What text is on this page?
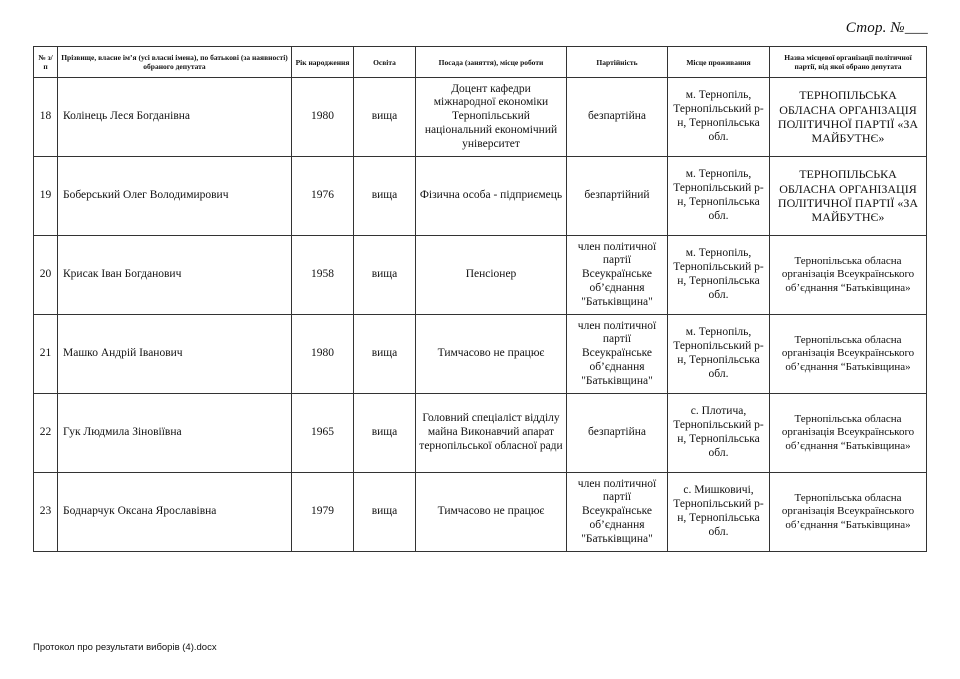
Стор. №___
№ з/п	Прізвище, власне ім’я (усі власні імена), по батькові (за наявності) обраного депутата	Рік народження	Освіта	Посада (заняття), місце роботи	Партійність	Місце проживання	Назва місцевої організації політичної партії, від якої обрано депутата
18	Колінець Леся Богданівна	1980	вища	Доцент кафедри міжнародної економіки Тернопільський національний економічний університет	безпартійна	м. Тернопіль, Тернопільський р-н, Тернопільська обл.	ТЕРНОПІЛЬСЬКА ОБЛАСНА ОРГАНІЗАЦІЯ ПОЛІТИЧНОЇ ПАРТІЇ «ЗА МАЙБУТНЄ»
19	Боберський Олег Володимирович	1976	вища	Фізична особа - підприємець	безпартійний	м. Тернопіль, Тернопільський р-н, Тернопільська обл.	ТЕРНОПІЛЬСЬКА ОБЛАСНА ОРГАНІЗАЦІЯ ПОЛІТИЧНОЇ ПАРТІЇ «ЗА МАЙБУТНЄ»
20	Крисак Іван Богданович	1958	вища	Пенсіонер	член політичної партії Всеукраїнське об’єднання "Батьківщина"	м. Тернопіль, Тернопільський р-н, Тернопільська обл.	Тернопільська обласна організація Всеукраїнського об’єднання “Батьківщина»
21	Машко Андрій Іванович	1980	вища	Тимчасово не працює	член політичної партії Всеукраїнське об’єднання "Батьківщина"	м. Тернопіль, Тернопільський р-н, Тернопільська обл.	Тернопільська обласна організація Всеукраїнського об’єднання “Батьківщина»
22	Гук Людмила Зіновіївна	1965	вища	Головний спеціаліст відділу майна Виконавчий апарат тернопільської обласної ради	безпартійна	с. Плотича, Тернопільський р-н, Тернопільська обл.	Тернопільська обласна організація Всеукраїнського об’єднання “Батьківщина»
23	Боднарчук Оксана Ярославівна	1979	вища	Тимчасово не працює	член політичної партії Всеукраїнське об’єднання "Батьківщина"	с. Мишковичі, Тернопільський р-н, Тернопільська обл.	Тернопільська обласна організація Всеукраїнського об’єднання “Батьківщина»
Протокол про результати виборів (4).docx
